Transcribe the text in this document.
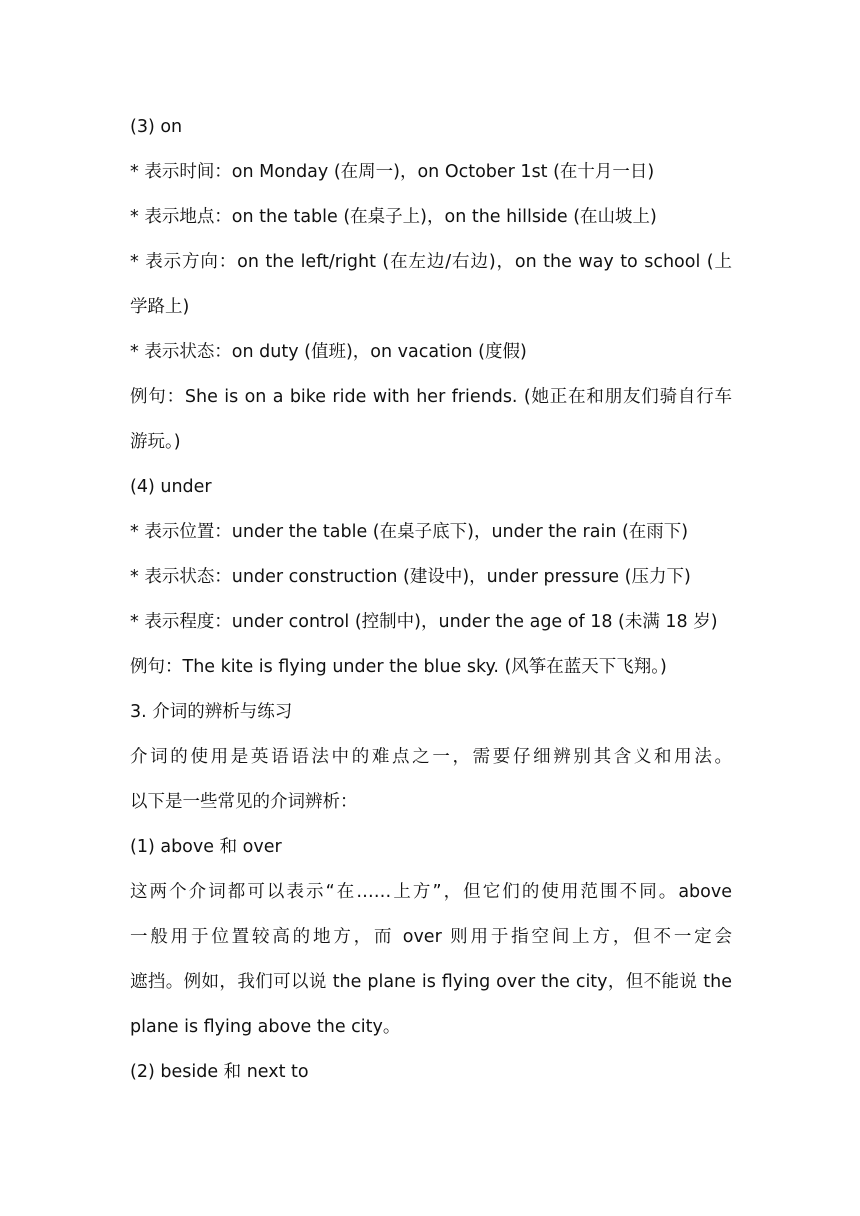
(3) on
* 表示时间：on Monday (在周一)，on October 1st (在十月一日)
* 表示地点：on the table (在桌子上)，on the hillside (在山坡上)
* 表示方向：on the left/right (在左边/右边)，on the way to school (上
学路上)
* 表示状态：on duty (值班)，on vacation (度假)
例句：She is on a bike ride with her friends. (她正在和朋友们骑自行车
游玩。)
(4) under
* 表示位置：under the table (在桌子底下)，under the rain (在雨下)
* 表示状态：under construction (建设中)，under pressure (压力下)
* 表示程度：under control (控制中)，under the age of 18 (未满 18 岁)
例句：The kite is flying under the blue sky. (风筝在蓝天下飞翔。)
3. 介词的辨析与练习
介词的使用是英语语法中的难点之一，需要仔细辨别其含义和用法。
以下是一些常见的介词辨析：
(1) above 和 over
这两个介词都可以表示“在……上方”，但它们的使用范围不同。above
一般用于位置较高的地方，而 over 则用于指空间上方，但不一定会
遮挡。例如，我们可以说 the plane is flying over the city，但不能说 the
plane is flying above the city。
(2) beside 和 next to
